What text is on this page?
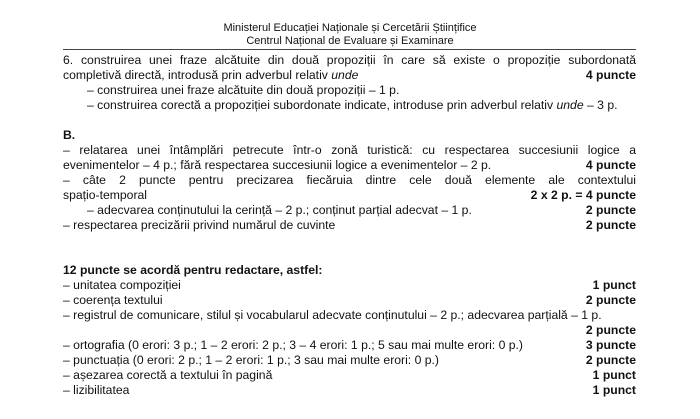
Ministerul Educației Naționale și Cercetării Științifice
Centrul Național de Evaluare și Examinare
6. construirea unei fraze alcătuite din două propoziții în care să existe o propoziție subordonată
completivă directă, introdusă prin adverbul relativ unde	4 puncte
– construirea unei fraze alcătuite din două propoziții – 1 p.
– construirea corectă a propoziției subordonate indicate, introduse prin adverbul relativ unde – 3 p.
B.
– relatarea unei întâmplări petrecute într-o zonă turistică: cu respectarea succesiunii logice a
evenimentelor – 4 p.; fără respectarea succesiunii logice a evenimentelor – 2 p.	4 puncte
– câte 2 puncte pentru precizarea fiecăruia dintre cele două elemente ale contextului
spațio-temporal	2 x 2 p. = 4 puncte
– adecvarea conținutului la cerință – 2 p.; conținut parțial adecvat – 1 p.	2 puncte
– respectarea precizării privind numărul de cuvinte	2 puncte
12 puncte se acordă pentru redactare, astfel:
– unitatea compoziției	1 punct
– coerența textului	2 puncte
– registrul de comunicare, stilul și vocabularul adecvate conținutului – 2 p.; adecvarea parțială – 1 p.
2 puncte
– ortografia (0 erori: 3 p.; 1 – 2 erori: 2 p.; 3 – 4 erori: 1 p.; 5 sau mai multe erori: 0 p.)	3 puncte
– punctuația (0 erori: 2 p.; 1 – 2 erori: 1 p.; 3 sau mai multe erori: 0 p.)	2 puncte
– așezarea corectă a textului în pagină	1 punct
– lizibilitatea	1 punct
